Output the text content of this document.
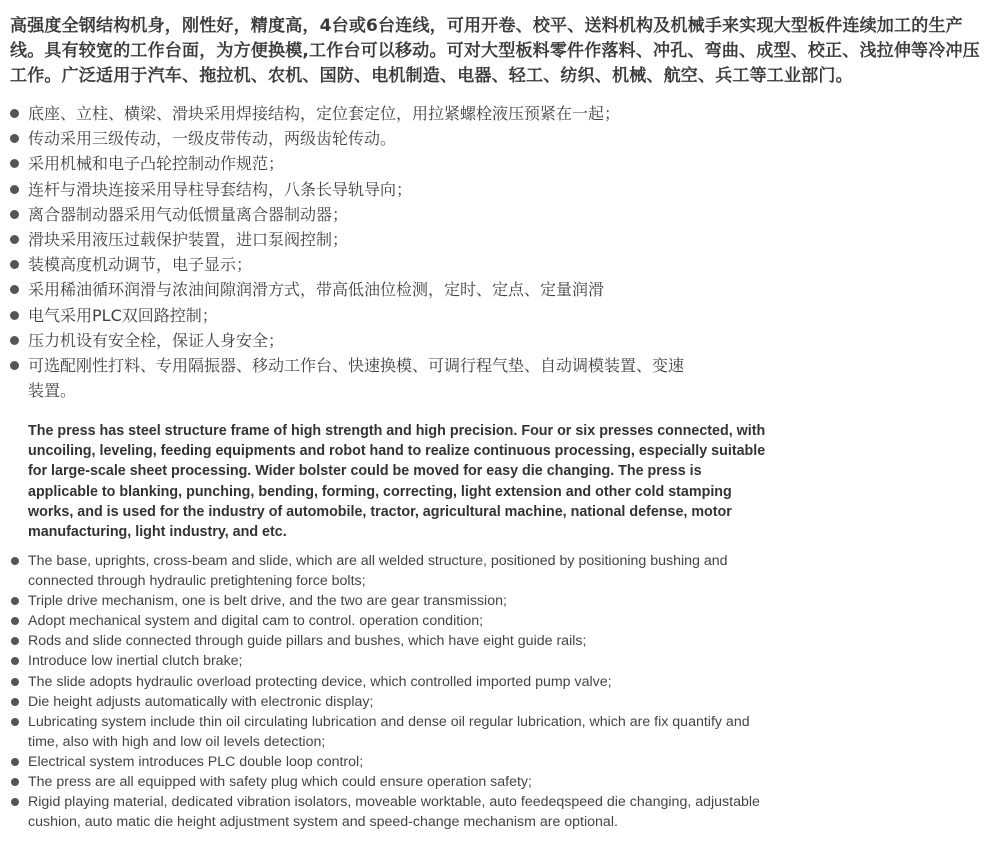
高强度全钢结构机身，刚性好，精度高，4台或6台连线，可用开卷、校平、送料机构及机械手来实现大型板件连续加工的生产线。具有较宽的工作台面，为方便换模,工作台可以移动。可对大型板料零件作落料、冲孔、弯曲、成型、校正、浅拉伸等冷冲压工作。广泛适用于汽车、拖拉机、农机、国防、电机制造、电器、轻工、纺织、机械、航空、兵工等工业部门。
底座、立柱、横梁、滑块采用焊接结构，定位套定位，用拉紧螺栓液压预紧在一起；
传动采用三级传动，一级皮带传动，两级齿轮传动。
采用机械和电子凸轮控制动作规范；
连杆与滑块连接采用导柱导套结构，八条长导轨导向；
离合器制动器采用气动低惯量离合器制动器；
滑块采用液压过载保护装置，进口泵阀控制；
装模高度机动调节，电子显示；
采用稀油循环润滑与浓油间隙润滑方式，带高低油位检测，定时、定点、定量润滑
电气采用PLC双回路控制；
压力机设有安全栓，保证人身安全；
可选配刚性打料、专用隔振器、移动工作台、快速换模、可调行程气垫、自动调模装置、变速装置。
The press has steel structure frame of high strength and high precision. Four or six presses connected, with uncoiling, leveling, feeding equipments and robot hand to realize continuous processing, especially suitable for large-scale sheet processing. Wider bolster could be moved for easy die changing. The press is applicable to blanking, punching, bending, forming, correcting, light extension and other cold stamping works, and is used for the industry of automobile, tractor, agricultural machine, national defense, motor manufacturing, light industry, and etc.
The base, uprights, cross-beam and slide, which are all welded structure, positioned by positioning bushing and connected through hydraulic pretightening force bolts;
Triple drive mechanism, one is belt drive, and the two are gear transmission;
Adopt mechanical system and digital cam to control. operation condition;
Rods and slide connected through guide pillars and bushes, which have eight guide rails;
Introduce low inertial clutch brake;
The slide adopts hydraulic overload protecting device, which controlled imported pump valve;
Die height adjusts automatically with electronic display;
Lubricating system include thin oil circulating lubrication and dense oil regular lubrication, which are fix quantify and time, also with high and low oil levels detection;
Electrical system introduces PLC double loop control;
The press are all equipped with safety plug which could ensure operation safety;
Rigid playing material, dedicated vibration isolators, moveable worktable, auto feedeqspeed die changing, adjustable cushion, auto matic die height adjustment system and speed-change mechanism are optional.
